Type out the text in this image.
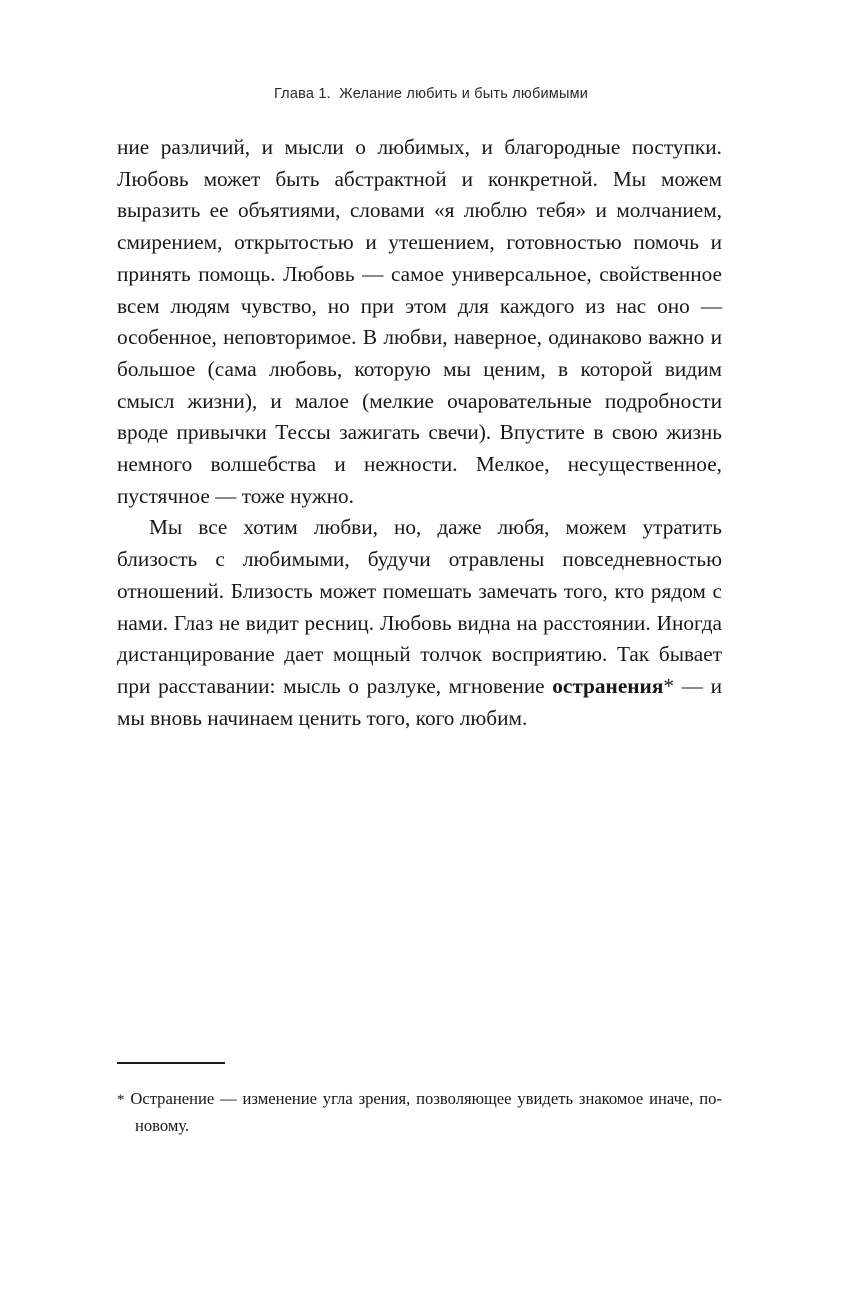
Глава 1.  Желание любить и быть любимыми

ние различий, и мысли о любимых, и благородные поступки. Любовь может быть абстрактной и конкретной. Мы можем выразить ее объятиями, словами «я люблю тебя» и молчанием, смирением, открытостью и утешением, готовностью помочь и принять помощь. Любовь — самое универсальное, свойственное всем людям чувство, но при этом для каждого из нас оно — особенное, неповторимое. В любви, наверное, одинаково важно и большое (сама любовь, которую мы ценим, в которой видим смысл жизни), и малое (мелкие очаровательные подробности вроде привычки Тессы зажигать свечи). Впустите в свою жизнь немного волшебства и нежности. Мелкое, несущественное, пустячное — тоже нужно.

Мы все хотим любви, но, даже любя, можем утратить близость с любимыми, будучи отравлены повседневностью отношений. Близость может помешать замечать того, кто рядом с нами. Глаз не видит ресниц. Любовь видна на расстоянии. Иногда дистанцирование дает мощный толчок восприятию. Так бывает при расставании: мысль о разлуке, мгновение остранения* — и мы вновь начинаем ценить того, кого любим.

* Остранение — изменение угла зрения, позволяющее увидеть знакомое иначе, по-новому.
